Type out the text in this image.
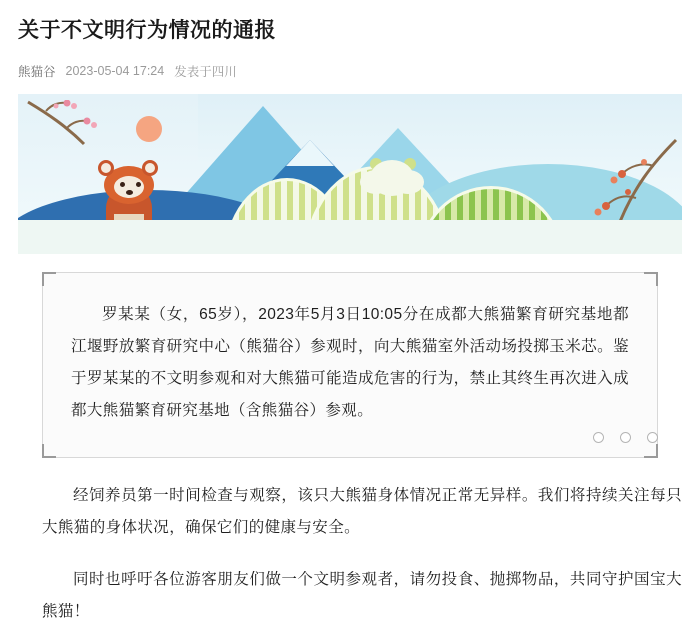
关于不文明行为情况的通报
熊猫谷 2023-05-04 17:24 发表于四川

罗某某（女，65岁），2023年5月3日10:05分在成都大熊猫繁育研究基地都江堰野放繁育研究中心（熊猫谷）参观时，向大熊猫室外活动场投掷玉米芯。鉴于罗某某的不文明参观和对大熊猫可能造成危害的行为，禁止其终生再次进入成都大熊猫繁育研究基地（含熊猫谷）参观。

经饲养员第一时间检查与观察，该只大熊猫身体情况正常无异样。我们将持续关注每只大熊猫的身体状况，确保它们的健康与安全。

同时也呼吁各位游客朋友们做一个文明参观者，请勿投食、抛掷物品，共同守护国宝大熊猫！
